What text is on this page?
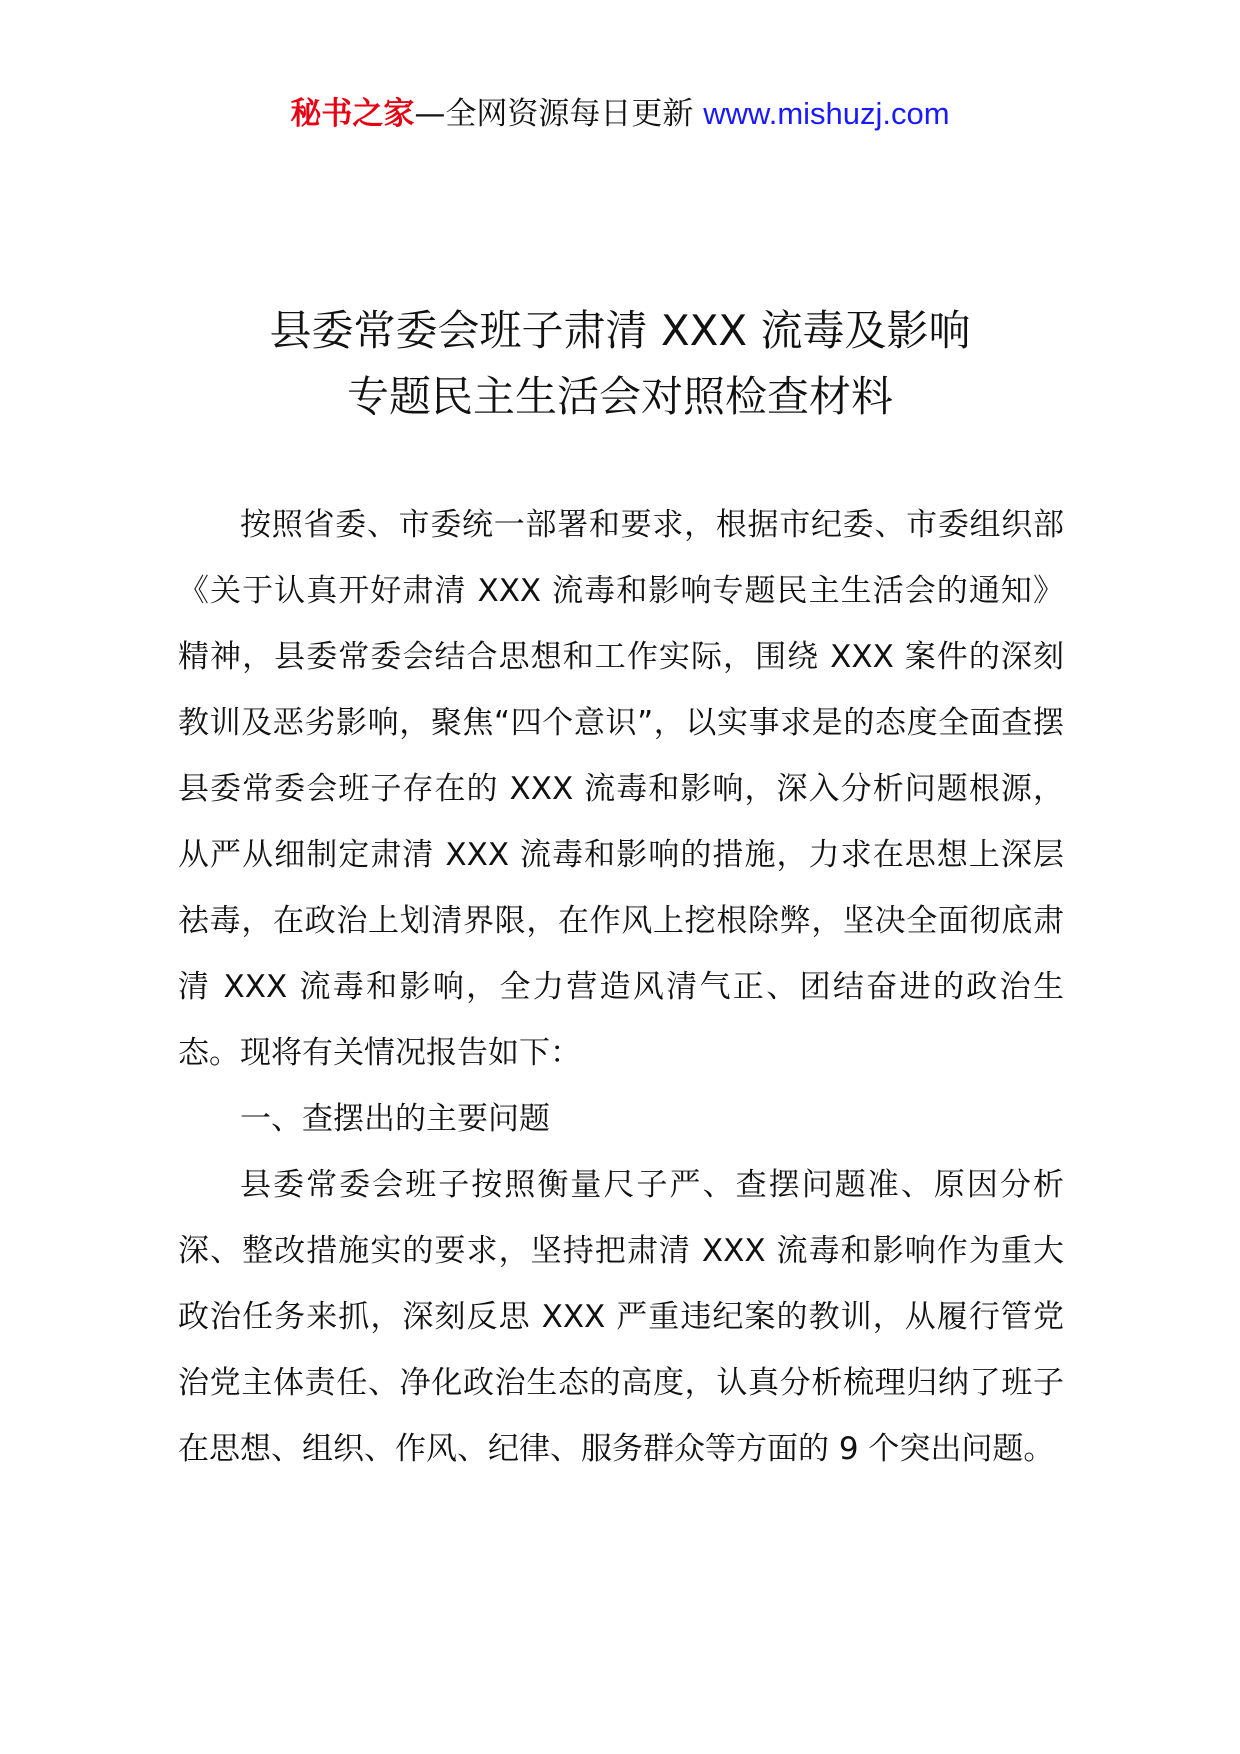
秘书之家—全网资源每日更新 www.mishuzj.com
县委常委会班子肃清 XXX 流毒及影响
专题民主生活会对照检查材料

按照省委、市委统一部署和要求，根据市纪委、市委组织部《关于认真开好肃清 XXX 流毒和影响专题民主生活会的通知》精神，县委常委会结合思想和工作实际，围绕 XXX 案件的深刻教训及恶劣影响，聚焦“四个意识”，以实事求是的态度全面查摆县委常委会班子存在的 XXX 流毒和影响，深入分析问题根源，从严从细制定肃清 XXX 流毒和影响的措施，力求在思想上深层祛毒，在政治上划清界限，在作风上挖根除弊，坚决全面彻底肃清 XXX 流毒和影响，全力营造风清气正、团结奋进的政治生态。现将有关情况报告如下：

一、查摆出的主要问题

县委常委会班子按照衡量尺子严、查摆问题准、原因分析深、整改措施实的要求，坚持把肃清 XXX 流毒和影响作为重大政治任务来抓，深刻反思 XXX 严重违纪案的教训，从履行管党治党主体责任、净化政治生态的高度，认真分析梳理归纳了班子在思想、组织、作风、纪律、服务群众等方面的 9 个突出问题。
